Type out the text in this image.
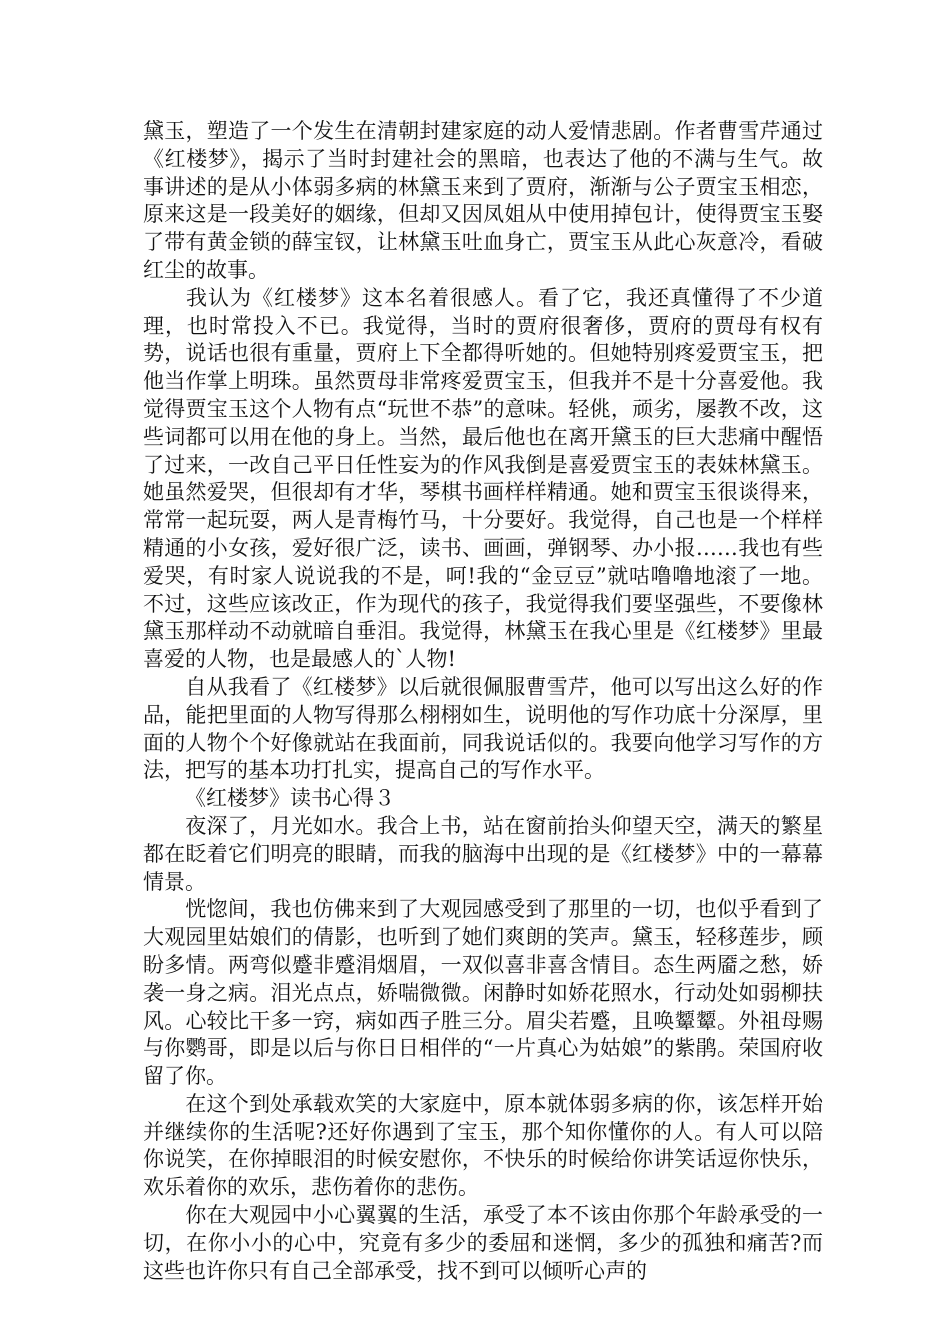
黛玉，塑造了一个发生在清朝封建家庭的动人爱情悲剧。作者曹雪芹通过《红楼梦》，揭示了当时封建社会的黑暗，也表达了他的不满与生气。故事讲述的是从小体弱多病的林黛玉来到了贾府，渐渐与公子贾宝玉相恋，原来这是一段美好的姻缘，但却又因凤姐从中使用掉包计，使得贾宝玉娶了带有黄金锁的薛宝钗，让林黛玉吐血身亡，贾宝玉从此心灰意冷，看破红尘的故事。

我认为《红楼梦》这本名着很感人。看了它，我还真懂得了不少道理，也时常投入不已。我觉得，当时的贾府很奢侈，贾府的贾母有权有势，说话也很有重量，贾府上下全都得听她的。但她特别疼爱贾宝玉，把他当作掌上明珠。虽然贾母非常疼爱贾宝玉，但我并不是十分喜爱他。我觉得贾宝玉这个人物有点“玩世不恭”的意味。轻佻，顽劣，屡教不改，这些词都可以用在他的身上。当然，最后他也在离开黛玉的巨大悲痛中醒悟了过来，一改自己平日任性妄为的作风我倒是喜爱贾宝玉的表妹林黛玉。她虽然爱哭，但很却有才华，琴棋书画样样精通。她和贾宝玉很谈得来，常常一起玩耍，两人是青梅竹马，十分要好。我觉得，自己也是一个样样精通的小女孩，爱好很广泛，读书、画画，弹钢琴、办小报……我也有些爱哭，有时家人说说我的不是，呵!我的“金豆豆”就咕噜噜地滚了一地。不过，这些应该改正，作为现代的孩子，我觉得我们要坚强些，不要像林黛玉那样动不动就暗自垂泪。我觉得，林黛玉在我心里是《红楼梦》里最喜爱的人物，也是最感人的`人物!

自从我看了《红楼梦》以后就很佩服曹雪芹，他可以写出这么好的作品，能把里面的人物写得那么栩栩如生，说明他的写作功底十分深厚，里面的人物个个好像就站在我面前，同我说话似的。我要向他学习写作的方法，把写的基本功打扎实，提高自己的写作水平。

《红楼梦》读书心得３

夜深了，月光如水。我合上书，站在窗前抬头仰望天空，满天的繁星都在眨着它们明亮的眼睛，而我的脑海中出现的是《红楼梦》中的一幕幕情景。

恍惚间，我也仿佛来到了大观园感受到了那里的一切，也似乎看到了大观园里姑娘们的倩影，也听到了她们爽朗的笑声。黛玉，轻移莲步，顾盼多情。两弯似蹙非蹙涓烟眉，一双似喜非喜含情目。态生两靥之愁，娇袭一身之病。泪光点点，娇喘微微。闲静时如娇花照水，行动处如弱柳扶风。心较比干多一窍，病如西子胜三分。眉尖若蹙，且唤颦颦。外祖母赐与你鹦哥，即是以后与你日日相伴的“一片真心为姑娘”的紫鹃。荣国府收留了你。

在这个到处承载欢笑的大家庭中，原本就体弱多病的你，该怎样开始并继续你的生活呢?还好你遇到了宝玉，那个知你懂你的人。有人可以陪你说笑，在你掉眼泪的时候安慰你，不快乐的时候给你讲笑话逗你快乐，欢乐着你的欢乐，悲伤着你的悲伤。

你在大观园中小心翼翼的生活，承受了本不该由你那个年龄承受的一切，在你小小的心中，究竟有多少的委屈和迷惘，多少的孤独和痛苦?而这些也许你只有自己全部承受，找不到可以倾听心声的
